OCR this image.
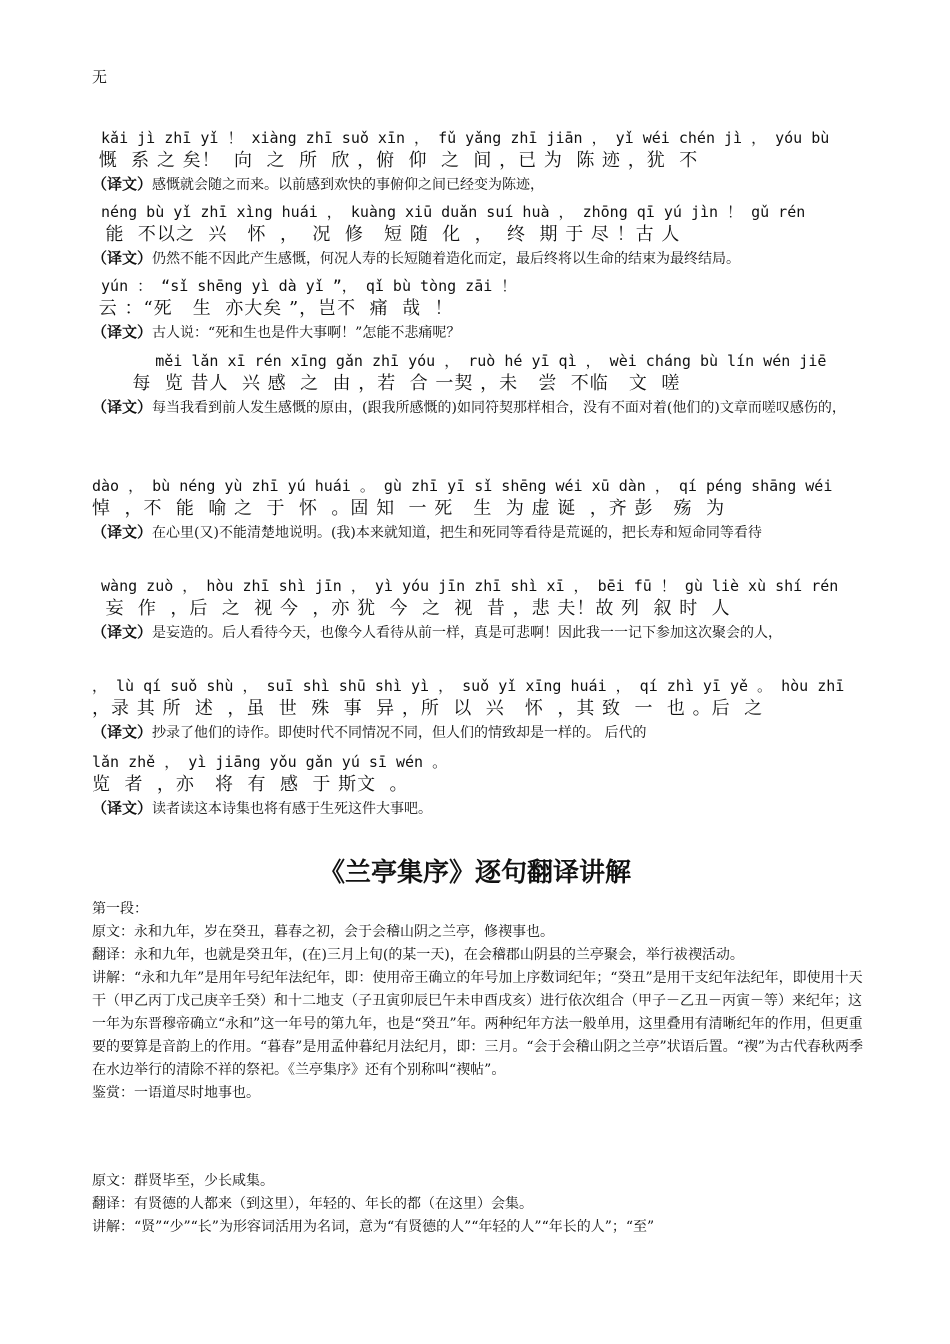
无
kǎi jì zhī yǐ ！ xiàng zhī suǒ xīn ， fǔ yǎng zhī jiān ， yǐ wéi chén jì ， yóu bù
慨  系 之 矣！  向  之  所  欣 ，俯  仰  之  间 ，已 为  陈 迹 ，犹  不
（译文）感慨就会随之而来。以前感到欢快的事俯仰之间已经变为陈迹，
néng bù yǐ zhī xìng huái ， kuàng xiū duǎn suí huà ， zhōng qī yú jìn ！ gǔ rén
能  不以之  兴   怀  ，  况  修   短 随  化  ，  终  期 于 尽 ！古 人
（译文）仍然不能不因此产生感慨，何况人寿的长短随着造化而定，最后终将以生命的结束为最终结局。
yún ： “sǐ shēng yì dà yǐ ”， qǐ bù tòng zāi ！
云 ：“死   生  亦大矣 ”，岂不  痛  哉  ！
（译文）古人说：“死和生也是件大事啊！”怎能不悲痛呢？
měi lǎn xī rén xīng gǎn zhī yóu ， ruò hé yī qì ， wèi cháng bù lín wén jiē
每  览 昔人  兴 感  之  由 ，若  合 一契 ，未   尝  不临   文  嗟
（译文）每当我看到前人发生感慨的原由，(跟我所感慨的)如同符契那样相合，没有不面对着(他们的)文章而嗟叹感伤的，
dào ， bù néng yù zhī yú huái 。 gù zhī yī sǐ shēng wéi xū dàn ， qí péng shāng wéi
悼  ，不  能  喻 之  于  怀  。固 知  一 死   生  为 虚 诞  ，齐 彭   殇  为
（译文）在心里(又)不能清楚地说明。(我)本来就知道，把生和死同等看待是荒诞的，把长寿和短命同等看待
wàng zuò ， hòu zhī shì jīn ， yì yóu jīn zhī shì xī ， bēi fū ！ gù liè xù shí rén
妄  作  ，后  之  视 今  ，亦 犹  今  之  视  昔 ，悲 夫！故 列  叙 时  人
（译文）是妄造的。后人看待今天，也像今人看待从前一样，真是可悲啊！因此我一一记下参加这次聚会的人，
， lù qí suǒ shù ， suī shì shū shì yì ， suǒ yǐ xīng huái ， qí zhì yī yě 。 hòu zhī
，录 其 所  述  ，虽  世  殊  事  异 ，所  以  兴   怀  ，其 致  一  也 。后  之
（译文）抄录了他们的诗作。即使时代不同情况不同，但人们的情致却是一样的。 后代的
lǎn zhě ， yì jiāng yǒu gǎn yú sī wén 。
览  者  ，亦   将  有  感  于 斯文  。
（译文）读者读这本诗集也将有感于生死这件大事吧。
《兰亭集序》逐句翻译讲解

第一段：

原文：永和九年，岁在癸丑，暮春之初，会于会稽山阴之兰亭，修禊事也。

翻译：永和九年，也就是癸丑年，(在)三月上旬(的某一天)，在会稽郡山阴县的兰亭聚会，举行祓禊活动。

讲解：“永和九年”是用年号纪年法纪年，即：使用帝王确立的年号加上序数词纪年；“癸丑”是用干支纪年法纪年，即使用十天干（甲乙丙丁戊己庚辛壬癸）和十二地支（子丑寅卯辰巳午未申酉戌亥）进行依次组合（甲子－乙丑－丙寅－等）来纪年；这一年为东晋穆帝确立“永和”这一年号的第九年，也是“癸丑”年。两种纪年方法一般单用，这里叠用有清晰纪年的作用，但更重要的要算是音韵上的作用。“暮春”是用孟仲暮纪月法纪月，即：三月。“会于会稽山阴之兰亭”状语后置。“禊”为古代春秋两季在水边举行的清除不祥的祭祀。《兰亭集序》还有个别称叫“禊帖”。

鉴赏：一语道尽时地事也。

原文：群贤毕至，少长咸集。

翻译：有贤德的人都来（到这里），年轻的、年长的都（在这里）会集。

讲解：“贤”“少”“长”为形容词活用为名词，意为“有贤德的人”“年轻的人”“年长的人”；“至”
